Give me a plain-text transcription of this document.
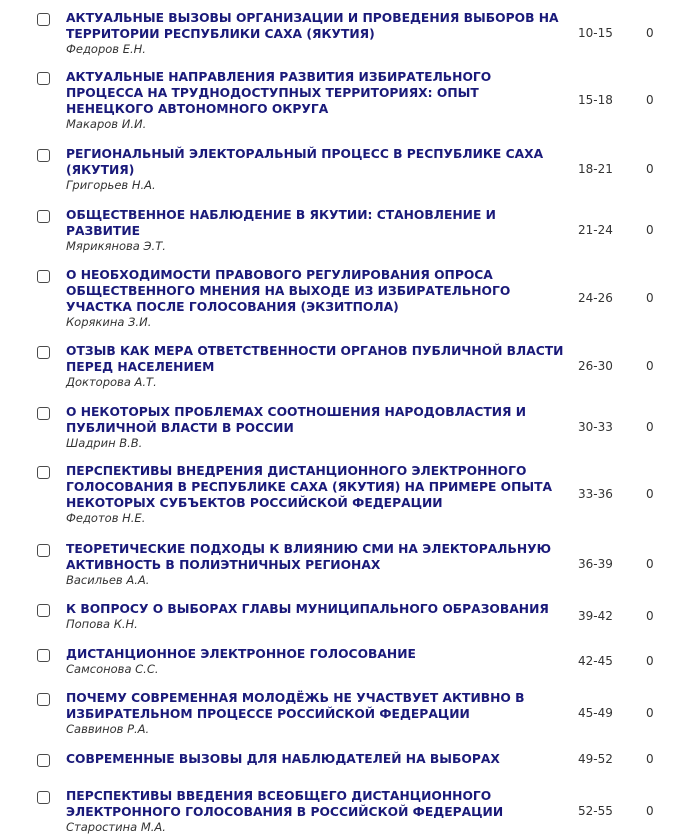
АКТУАЛЬНЫЕ ВЫЗОВЫ ОРГАНИЗАЦИИ И ПРОВЕДЕНИЯ ВЫБОРОВ НА
ТЕРРИТОРИИ РЕСПУБЛИКИ САХА (ЯКУТИЯ)
Федоров Е.Н.
10-15	0
АКТУАЛЬНЫЕ НАПРАВЛЕНИЯ РАЗВИТИЯ ИЗБИРАТЕЛЬНОГО
ПРОЦЕССА НА ТРУДНОДОСТУПНЫХ ТЕРРИТОРИЯХ: ОПЫТ
НЕНЕЦКОГО АВТОНОМНОГО ОКРУГА
Макаров И.И.
15-18	0
РЕГИОНАЛЬНЫЙ ЭЛЕКТОРАЛЬНЫЙ ПРОЦЕСС В РЕСПУБЛИКЕ САХА
(ЯКУТИЯ)
Григорьев Н.А.
18-21	0
ОБЩЕСТВЕННОЕ НАБЛЮДЕНИЕ В ЯКУТИИ: СТАНОВЛЕНИЕ И
РАЗВИТИЕ
Мярикянова Э.Т.
21-24	0
О НЕОБХОДИМОСТИ ПРАВОВОГО РЕГУЛИРОВАНИЯ ОПРОСА
ОБЩЕСТВЕННОГО МНЕНИЯ НА ВЫХОДЕ ИЗ ИЗБИРАТЕЛЬНОГО
УЧАСТКА ПОСЛЕ ГОЛОСОВАНИЯ (ЭКЗИТПОЛА)
Корякина З.И.
24-26	0
ОТЗЫВ КАК МЕРА ОТВЕТСТВЕННОСТИ ОРГАНОВ ПУБЛИЧНОЙ ВЛАСТИ
ПЕРЕД НАСЕЛЕНИЕМ
Докторова А.Т.
26-30	0
О НЕКОТОРЫХ ПРОБЛЕМАХ СООТНОШЕНИЯ НАРОДОВЛАСТИЯ И
ПУБЛИЧНОЙ ВЛАСТИ В РОССИИ
Шадрин В.В.
30-33	0
ПЕРСПЕКТИВЫ ВНЕДРЕНИЯ ДИСТАНЦИОННОГО ЭЛЕКТРОННОГО
ГОЛОСОВАНИЯ В РЕСПУБЛИКЕ САХА (ЯКУТИЯ) НА ПРИМЕРЕ ОПЫТА
НЕКОТОРЫХ СУБЪЕКТОВ РОССИЙСКОЙ ФЕДЕРАЦИИ
Федотов Н.Е.
33-36	0
ТЕОРЕТИЧЕСКИЕ ПОДХОДЫ К ВЛИЯНИЮ СМИ НА ЭЛЕКТОРАЛЬНУЮ
АКТИВНОСТЬ В ПОЛИЭТНИЧНЫХ РЕГИОНАХ
Васильев А.А.
36-39	0
К ВОПРОСУ О ВЫБОРАХ ГЛАВЫ МУНИЦИПАЛЬНОГО ОБРАЗОВАНИЯ
Попова К.Н.
39-42	0
ДИСТАНЦИОННОЕ ЭЛЕКТРОННОЕ ГОЛОСОВАНИЕ
Самсонова С.С.
42-45	0
ПОЧЕМУ СОВРЕМЕННАЯ МОЛОДЁЖЬ НЕ УЧАСТВУЕТ АКТИВНО В
ИЗБИРАТЕЛЬНОМ ПРОЦЕССЕ РОССИЙСКОЙ ФЕДЕРАЦИИ
Саввинов Р.А.
45-49	0
СОВРЕМЕННЫЕ ВЫЗОВЫ ДЛЯ НАБЛЮДАТЕЛЕЙ НА ВЫБОРАХ	49-52	0
ПЕРСПЕКТИВЫ ВВЕДЕНИЯ ВСЕОБЩЕГО ДИСТАНЦИОННОГО
ЭЛЕКТРОННОГО ГОЛОСОВАНИЯ В РОССИЙСКОЙ ФЕДЕРАЦИИ
Старостина М.А.
52-55	0
